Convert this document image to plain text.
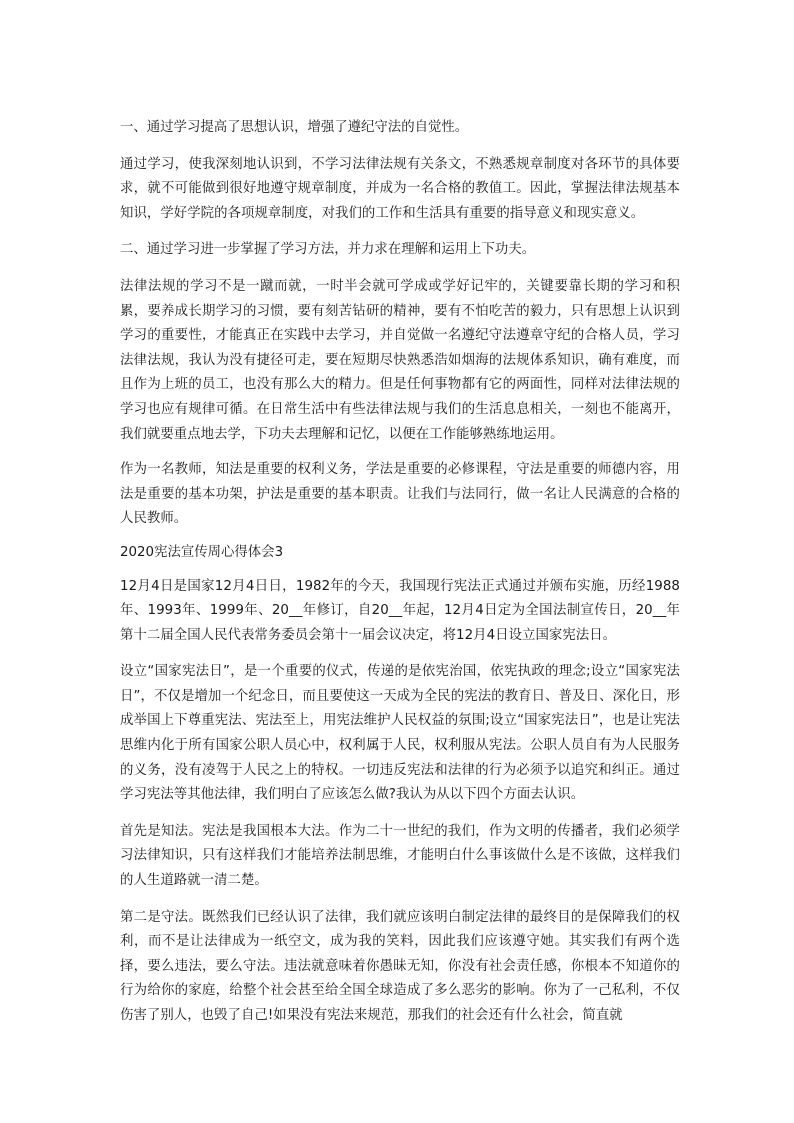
一、通过学习提高了思想认识，增强了遵纪守法的自觉性。

通过学习，使我深刻地认识到，不学习法律法规有关条文，不熟悉规章制度对各环节的具体要求，就不可能做到很好地遵守规章制度，并成为一名合格的教值工。因此，掌握法律法规基本知识，学好学院的各项规章制度，对我们的工作和生活具有重要的指导意义和现实意义。

二、通过学习进一步掌握了学习方法，并力求在理解和运用上下功夫。

法律法规的学习不是一蹴而就，一时半会就可学成或学好记牢的，关键要靠长期的学习和积累，要养成长期学习的习惯，要有刻苦钻研的精神，要有不怕吃苦的毅力，只有思想上认识到学习的重要性，才能真正在实践中去学习，并自觉做一名遵纪守法遵章守纪的合格人员，学习法律法规，我认为没有捷径可走，要在短期尽快熟悉浩如烟海的法规体系知识，确有难度，而且作为上班的员工，也没有那么大的精力。但是任何事物都有它的两面性，同样对法律法规的学习也应有规律可循。在日常生活中有些法律法规与我们的生活息息相关，一刻也不能离开，我们就要重点地去学，下功夫去理解和记忆，以便在工作能够熟练地运用。

作为一名教师，知法是重要的权利义务，学法是重要的必修课程，守法是重要的师德内容，用法是重要的基本功架，护法是重要的基本职责。让我们与法同行，做一名让人民满意的合格的人民教师。

2020宪法宣传周心得体会3

12月4日是国家12月4日日，1982年的今天，我国现行宪法正式通过并颁布实施，历经1988年、1993年、1999年、20__年修订，自20__年起，12月4日定为全国法制宣传日，20__年第十二届全国人民代表常务委员会第十一届会议决定，将12月4日设立国家宪法日。

设立“国家宪法日”，是一个重要的仪式，传递的是依宪治国，依宪执政的理念;设立“国家宪法日”，不仅是增加一个纪念日，而且要使这一天成为全民的宪法的教育日、普及日、深化日，形成举国上下尊重宪法、宪法至上，用宪法维护人民权益的氛围;设立“国家宪法日”，也是让宪法思维内化于所有国家公职人员心中，权利属于人民，权利服从宪法。公职人员自有为人民服务的义务，没有凌驾于人民之上的特权。一切违反宪法和法律的行为必须予以追究和纠正。通过学习宪法等其他法律，我们明白了应该怎么做?我认为从以下四个方面去认识。

首先是知法。宪法是我国根本大法。作为二十一世纪的我们，作为文明的传播者，我们必须学习法律知识，只有这样我们才能培养法制思维，才能明白什么事该做什么是不该做，这样我们的人生道路就一清二楚。

第二是守法。既然我们已经认识了法律，我们就应该明白制定法律的最终目的是保障我们的权利，而不是让法律成为一纸空文，成为我的笑料，因此我们应该遵守她。其实我们有两个选择，要么违法，要么守法。违法就意味着你愚昧无知，你没有社会责任感，你根本不知道你的行为给你的家庭，给整个社会甚至给全国全球造成了多么恶劣的影响。你为了一己私利，不仅伤害了别人，也毁了自己!如果没有宪法来规范，那我们的社会还有什么社会，简直就
